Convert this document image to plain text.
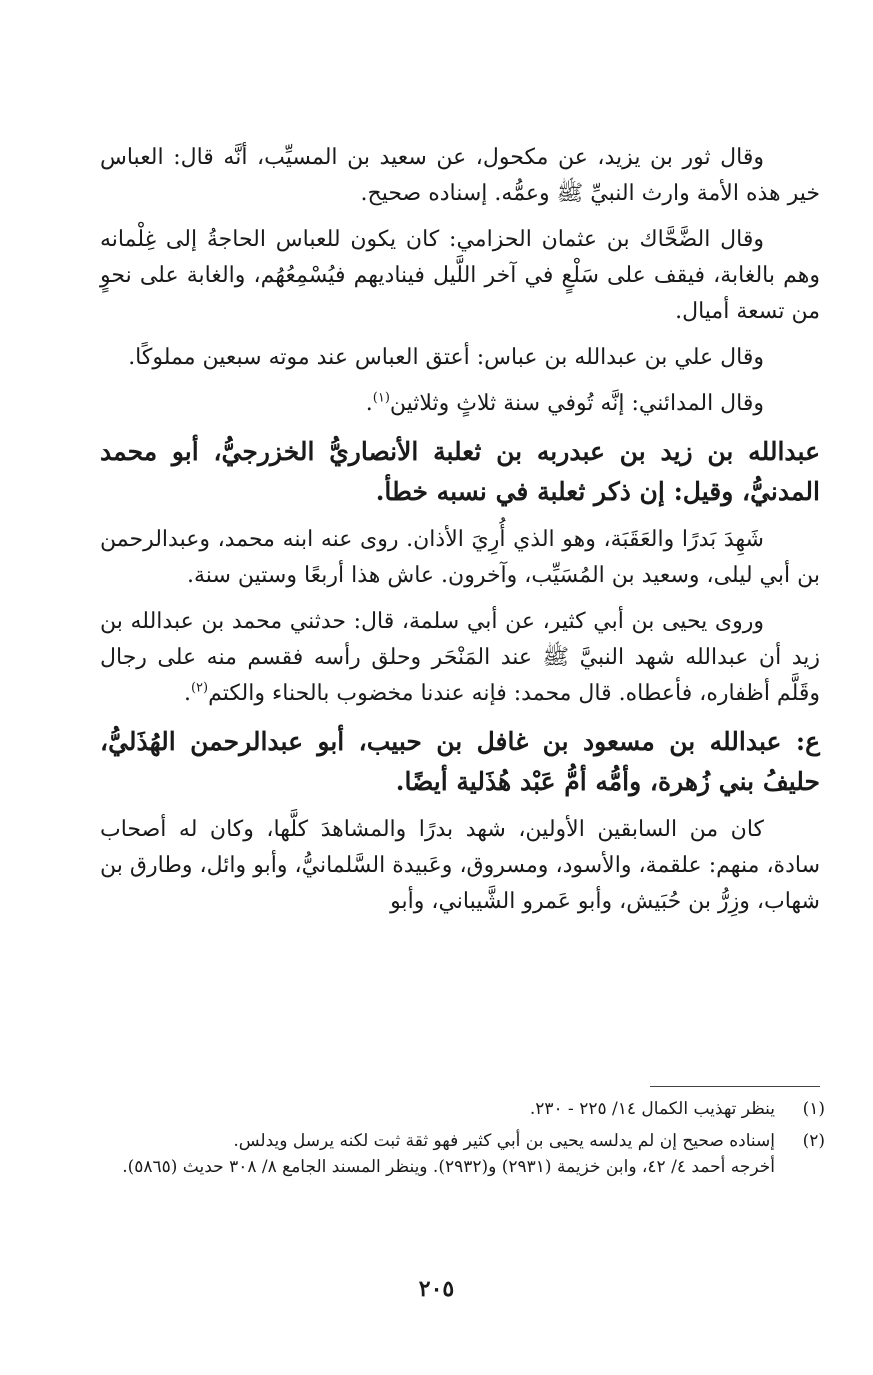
وقال ثور بن يزيد، عن مكحول، عن سعيد بن المسيِّب، أنَّه قال: العباس خير هذه الأمة وارث النبيِّ ﷺ وعمُّه. إسناده صحيح.

وقال الضَّحَّاك بن عثمان الحزامي: كان يكون للعباس الحاجةُ إلى غِلْمانه وهم بالغابة، فيقف على سَلْعٍ في آخر اللَّيل فيناديهم فيُسْمِعُهُم، والغابة على نحوٍ من تسعة أميال.

وقال علي بن عبدالله بن عباس: أعتق العباس عند موته سبعين مملوكًا.

وقال المدائني: إنَّه تُوفي سنة ثلاثٍ وثلاثين$^{(١)}$.

عبدالله بن زيد بن عبدربه بن ثعلبة الأنصاريُّ الخزرجيُّ، أبو محمد المدنيُّ، وقيل: إن ذكر ثعلبة في نسبه خطأ.

شَهِدَ بَدرًا والعَقَبَة، وهو الذي أُرِيَ الأذان. روى عنه ابنه محمد، وعبدالرحمن بن أبي ليلى، وسعيد بن المُسَيِّب، وآخرون. عاش هذا أربعًا وستين سنة.

وروى يحيى بن أبي كثير، عن أبي سلمة، قال: حدثني محمد بن عبدالله بن زيد أن عبدالله شهد النبيَّ ﷺ عند المَنْحَر وحلق رأسه فقسم منه على رجال وقَلَّم أظفاره، فأعطاه. قال محمد: فإنه عندنا مخضوب بالحناء والكتم$^{(٢)}$.

ع: عبدالله بن مسعود بن غافل بن حبيب، أبو عبدالرحمن الهُذَليُّ، حليفُ بني زُهرة، وأمُّه أمُّ عَبْد هُذَلية أيضًا.

كان من السابقين الأولين، شهد بدرًا والمشاهدَ كلَّها، وكان له أصحاب سادة، منهم: علقمة، والأسود، ومسروق، وعَبيدة السَّلمانيُّ، وأبو وائل، وطارق بن شهاب، وزِرُّ بن حُبَيش، وأبو عَمرو الشَّيباني، وأبو

(١)
ينظر تهذيب الكمال ١٤/ ٢٢٥ - ٢٣٠.
(٢)
إسناده صحيح إن لم يدلسه يحيى بن أبي كثير فهو ثقة ثبت لكنه يرسل ويدلس.
أخرجه أحمد ٤/ ٤٢، وابن خزيمة (٢٩٣١) و(٢٩٣٢). وينظر المسند الجامع ٨/ ٣٠٨ حديث (٥٨٦٥).
٢٠٥
